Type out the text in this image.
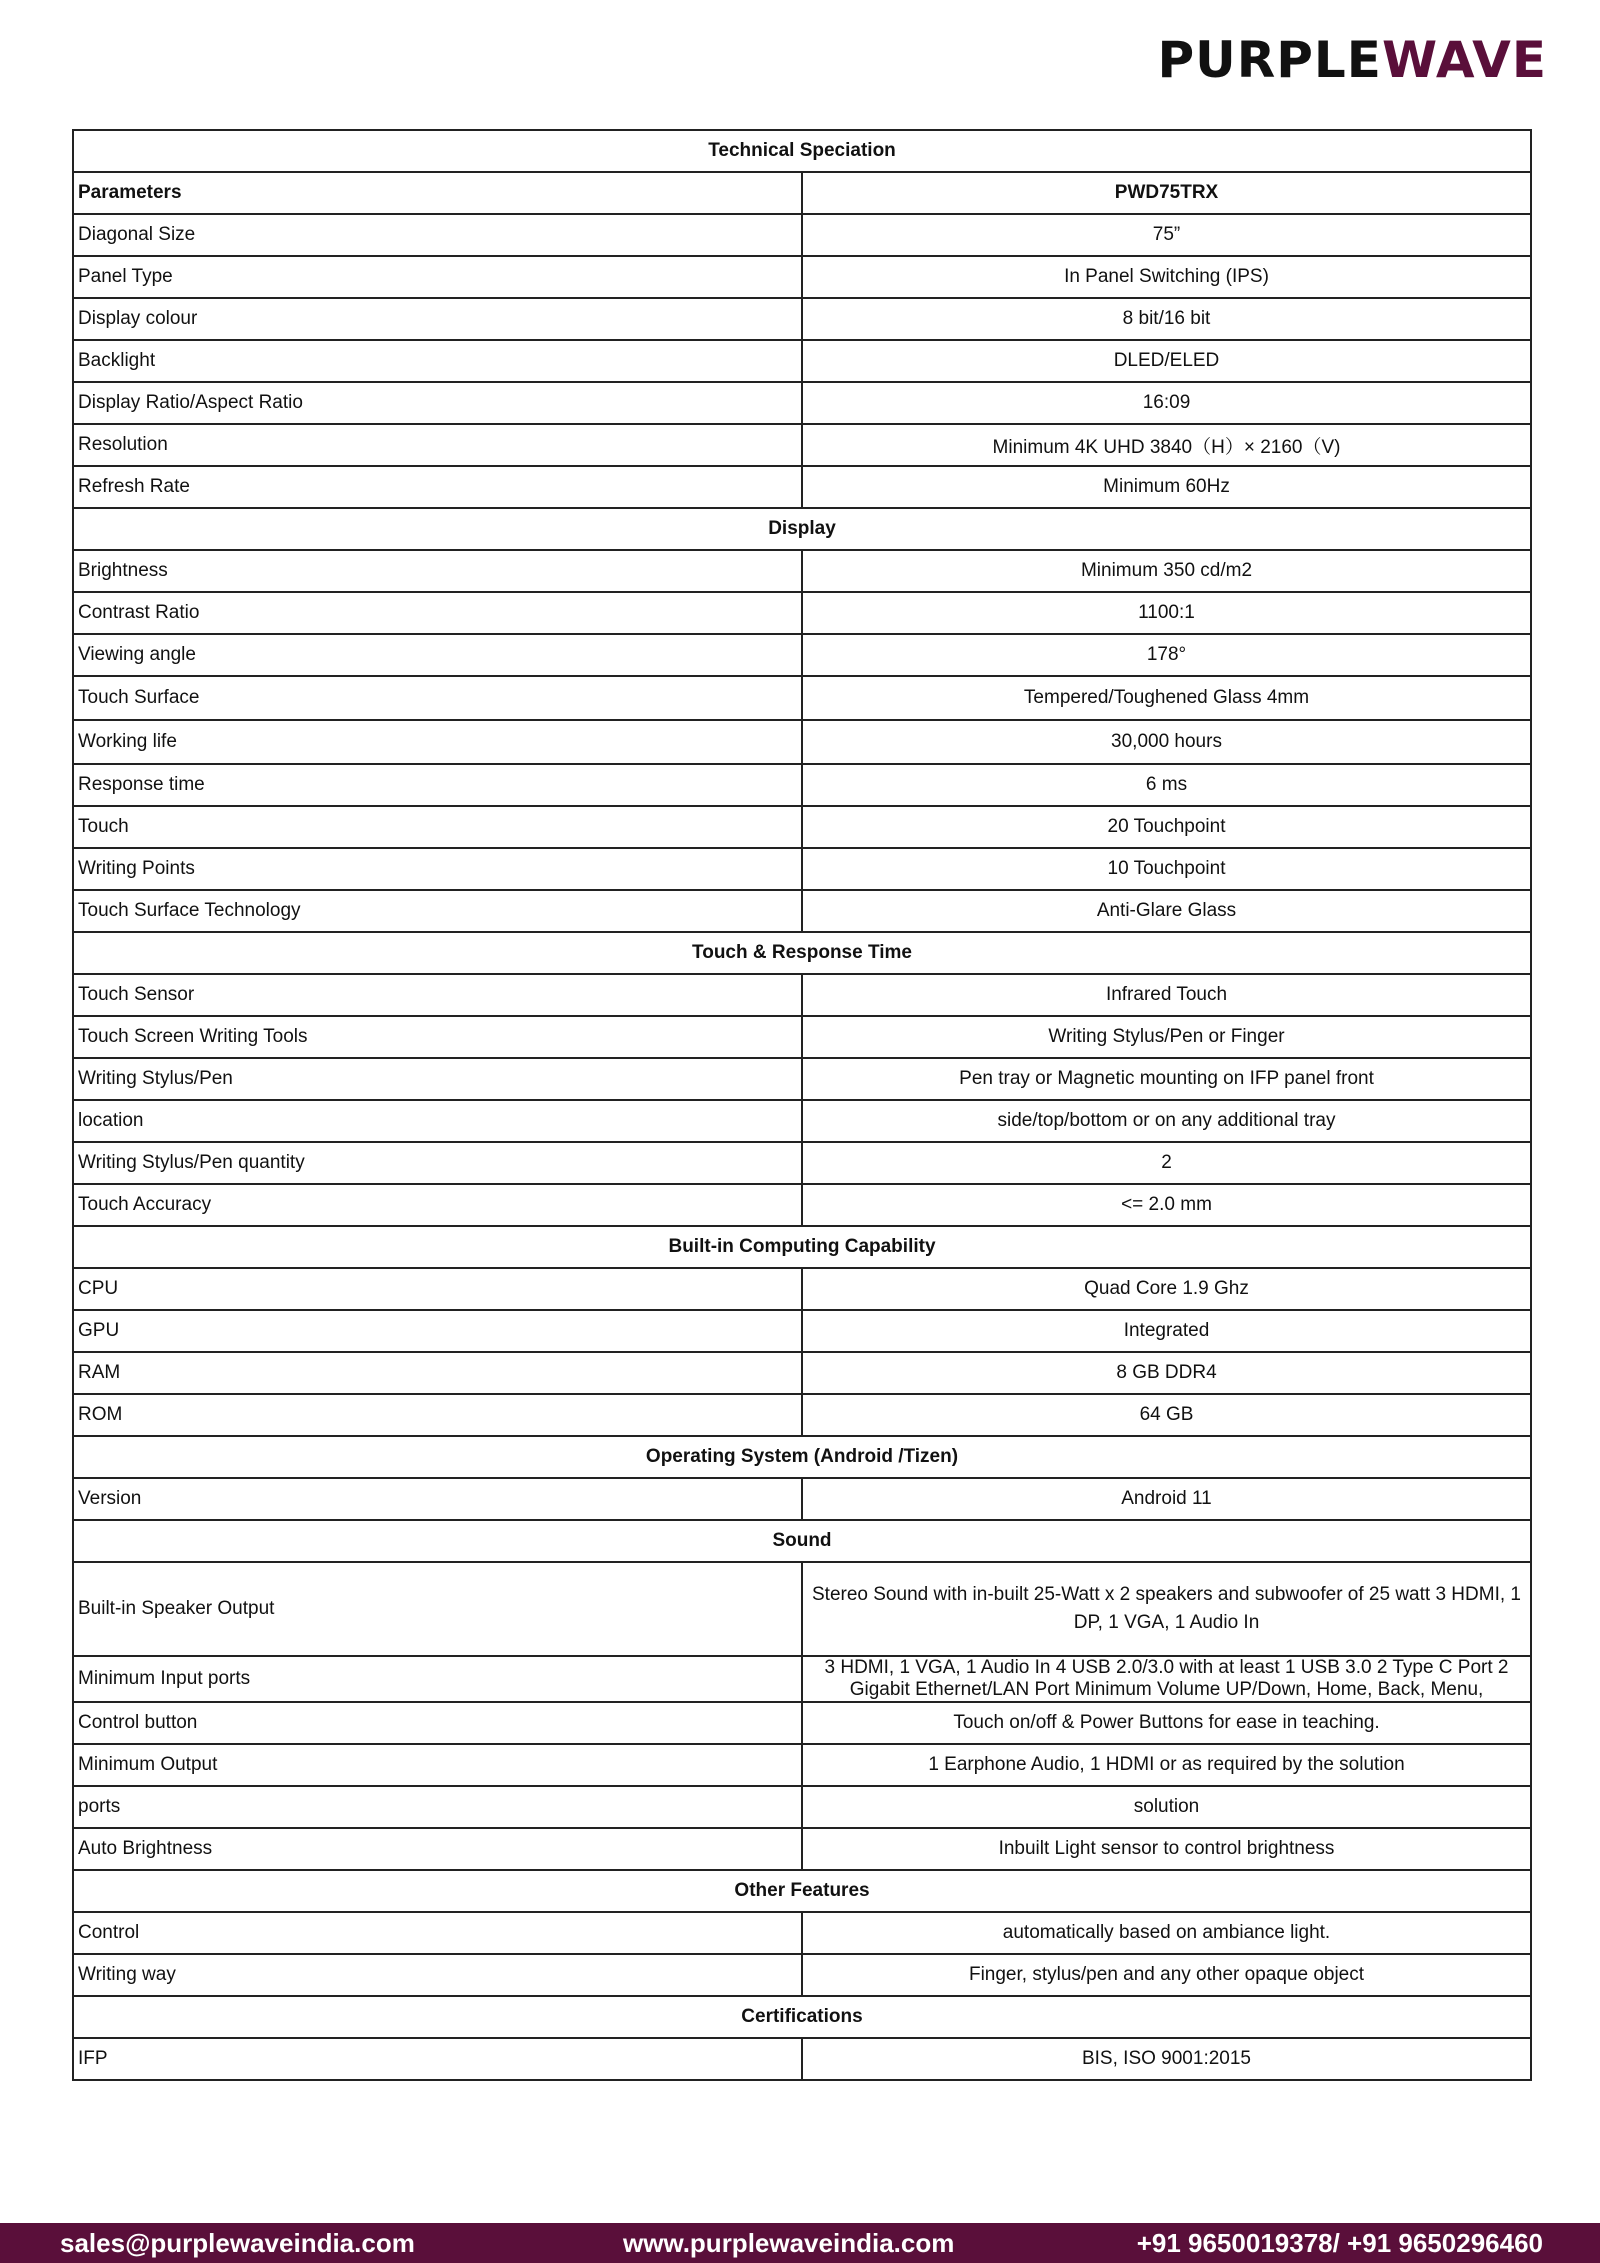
PURPLEWAVE
Technical Speciation	
Parameters	PWD75TRX
Diagonal Size	75”
Panel Type	In Panel Switching (IPS)
Display colour	8 bit/16 bit
Backlight	DLED/ELED
Display Ratio/Aspect Ratio	16:09
Resolution	Minimum 4K UHD 3840（H）× 2160（V)
Refresh Rate	Minimum 60Hz
Display	
Brightness	Minimum 350 cd/m2
Contrast Ratio	1100:1
Viewing angle	178°
Touch Surface	Tempered/Toughened Glass 4mm
Working life	30,000 hours
Response time	6 ms
Touch	20 Touchpoint
Writing Points	10 Touchpoint
Touch Surface Technology	Anti-Glare Glass
Touch & Response Time	
Touch Sensor	Infrared Touch
Touch Screen Writing Tools	Writing Stylus/Pen or Finger
Writing Stylus/Pen	Pen tray or Magnetic mounting on IFP panel front
location	side/top/bottom or on any additional tray
Writing Stylus/Pen quantity	2
Touch Accuracy	<= 2.0 mm
Built-in Computing Capability	
CPU	Quad Core 1.9 Ghz
GPU	Integrated
RAM	8 GB DDR4
ROM	64 GB
Operating System (Android /Tizen)	
Version	Android 11
Sound	
Built-in Speaker Output	Stereo Sound with in-built 25-Watt x 2 speakers and subwoofer of 25 watt 3 HDMI, 1 DP, 1 VGA, 1 Audio In
Minimum Input ports	3 HDMI, 1 VGA, 1 Audio In 4 USB 2.0/3.0 with at least 1 USB 3.0 2 Type C Port 2 Gigabit Ethernet/LAN Port Minimum Volume UP/Down, Home, Back, Menu,
Control button	Touch on/off & Power Buttons for ease in teaching.
Minimum Output	1 Earphone Audio, 1 HDMI or as required by the solution
ports	solution
Auto Brightness	Inbuilt Light sensor to control brightness
Other Features	
Control	automatically based on ambiance light.
Writing way	Finger, stylus/pen and any other opaque object
Certifications	
IFP	BIS, ISO 9001:2015
sales@purplewaveindia.com	www.purplewaveindia.com	+91 9650019378/ +91 9650296460
